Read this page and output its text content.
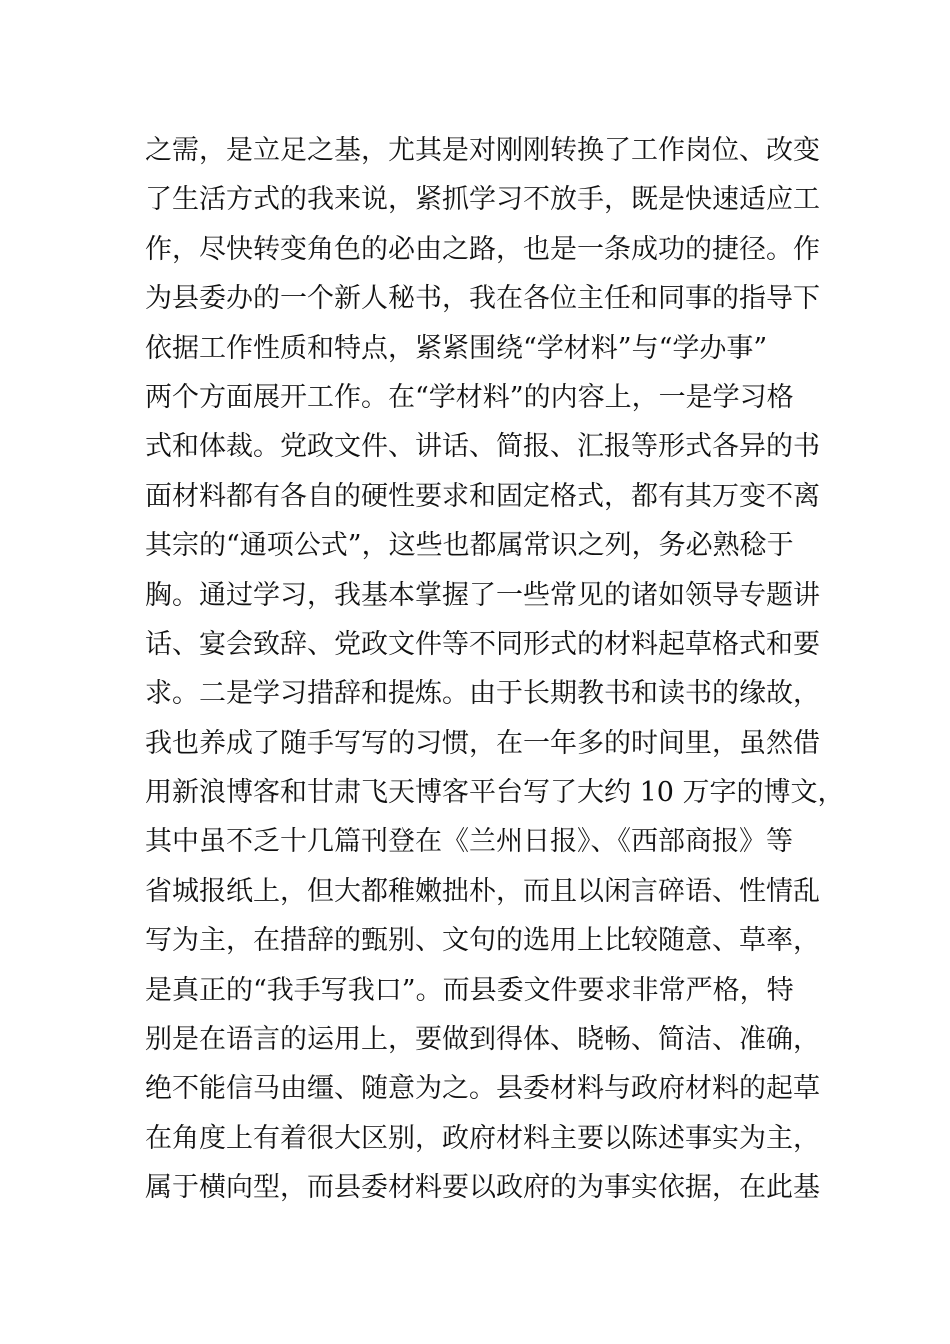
之需，是立足之基，尤其是对刚刚转换了工作岗位、改变
了生活方式的我来说，紧抓学习不放手，既是快速适应工
作，尽快转变角色的必由之路，也是一条成功的捷径。作
为县委办的一个新人秘书，我在各位主任和同事的指导下
依据工作性质和特点，紧紧围绕“学材料”与“学办事”
两个方面展开工作。在“学材料”的内容上，一是学习格
式和体裁。党政文件、讲话、简报、汇报等形式各异的书
面材料都有各自的硬性要求和固定格式，都有其万变不离
其宗的“通项公式”，这些也都属常识之列，务必熟稔于
胸。通过学习，我基本掌握了一些常见的诸如领导专题讲
话、宴会致辞、党政文件等不同形式的材料起草格式和要
求。二是学习措辞和提炼。由于长期教书和读书的缘故，
我也养成了随手写写的习惯，在一年多的时间里，虽然借
用新浪博客和甘肃飞天博客平台写了大约 10 万字的博文，
其中虽不乏十几篇刊登在《兰州日报》、《西部商报》等
省城报纸上，但大都稚嫩拙朴，而且以闲言碎语、性情乱
写为主，在措辞的甄别、文句的选用上比较随意、草率，
是真正的“我手写我口”。而县委文件要求非常严格，特
别是在语言的运用上，要做到得体、晓畅、简洁、准确，
绝不能信马由缰、随意为之。县委材料与政府材料的起草
在角度上有着很大区别，政府材料主要以陈述事实为主，
属于横向型，而县委材料要以政府的为事实依据，在此基
